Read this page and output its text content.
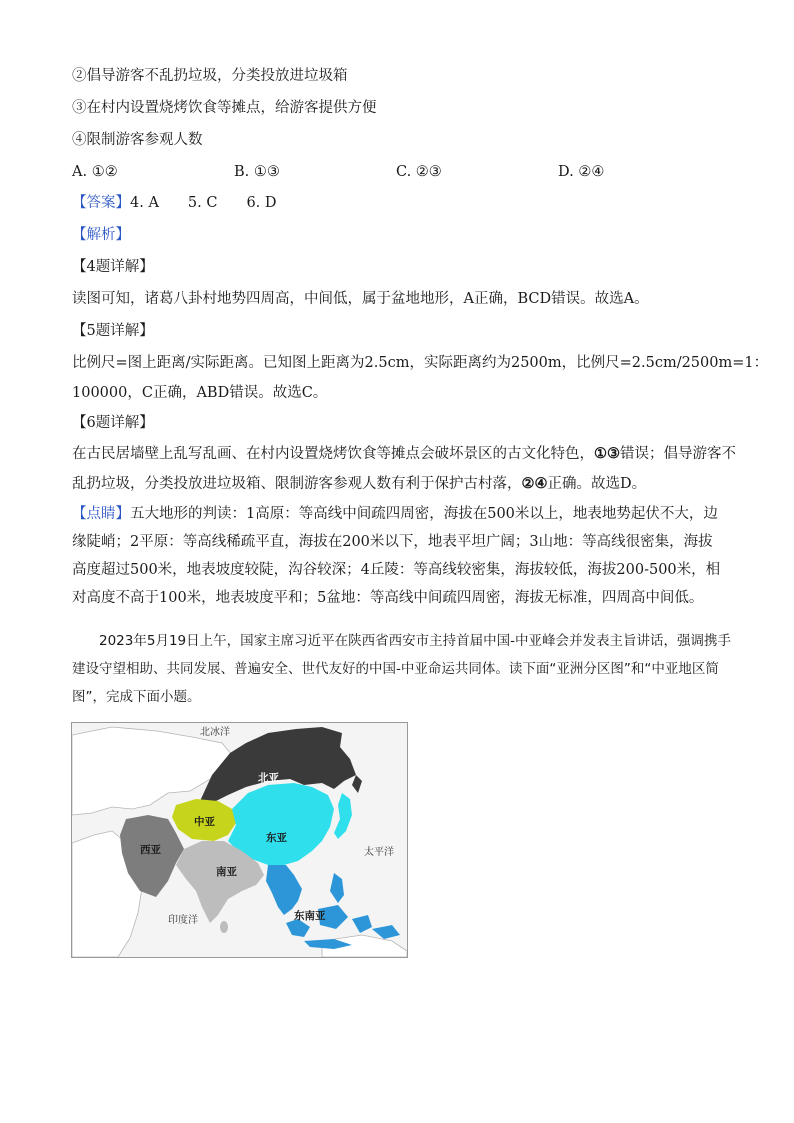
②倡导游客不乱扔垃圾，分类投放进垃圾箱
③在村内设置烧烤饮食等摊点，给游客提供方便
④限制游客参观人数
A. ①②	B. ①③	C. ②③	D. ②④
【答案】4. A　　5. C　　6. D
【解析】
【4题详解】
读图可知，诸葛八卦村地势四周高，中间低，属于盆地地形，A正确，BCD错误。故选A。
【5题详解】
比例尺=图上距离/实际距离。已知图上距离为2.5cm，实际距离约为2500m，比例尺=2.5cm/2500m=1：
100000，C正确，ABD错误。故选C。
【6题详解】
在古民居墙壁上乱写乱画、在村内设置烧烤饮食等摊点会破坏景区的古文化特色，①③错误；倡导游客不
乱扔垃圾，分类投放进垃圾箱、限制游客参观人数有利于保护古村落，②④正确。故选D。
【点睛】五大地形的判读：1高原：等高线中间疏四周密，海拔在500米以上，地表地势起伏不大，边缘陡峭；2平原：等高线稀疏平直，海拔在200米以下，地表平坦广阔；3山地：等高线很密集，海拔高度超过500米，地表坡度较陡，沟谷较深；4丘陵：等高线较密集，海拔较低，海拔200-500米，相对高度不高于100米，地表坡度平和；5盆地：等高线中间疏四周密，海拔无标准，四周高中间低。
2023年5月19日上午，国家主席习近平在陕西省西安市主持首届中国-中亚峰会并发表主旨讲话，强调携手建设守望相助、共同发展、普遍安全、世代友好的中国-中亚命运共同体。读下面“亚洲分区图”和“中亚地区简图”，完成下面小题。
北亚
中亚
东亚
西亚
南亚
东南亚
北冰洋
太平洋
印度洋
